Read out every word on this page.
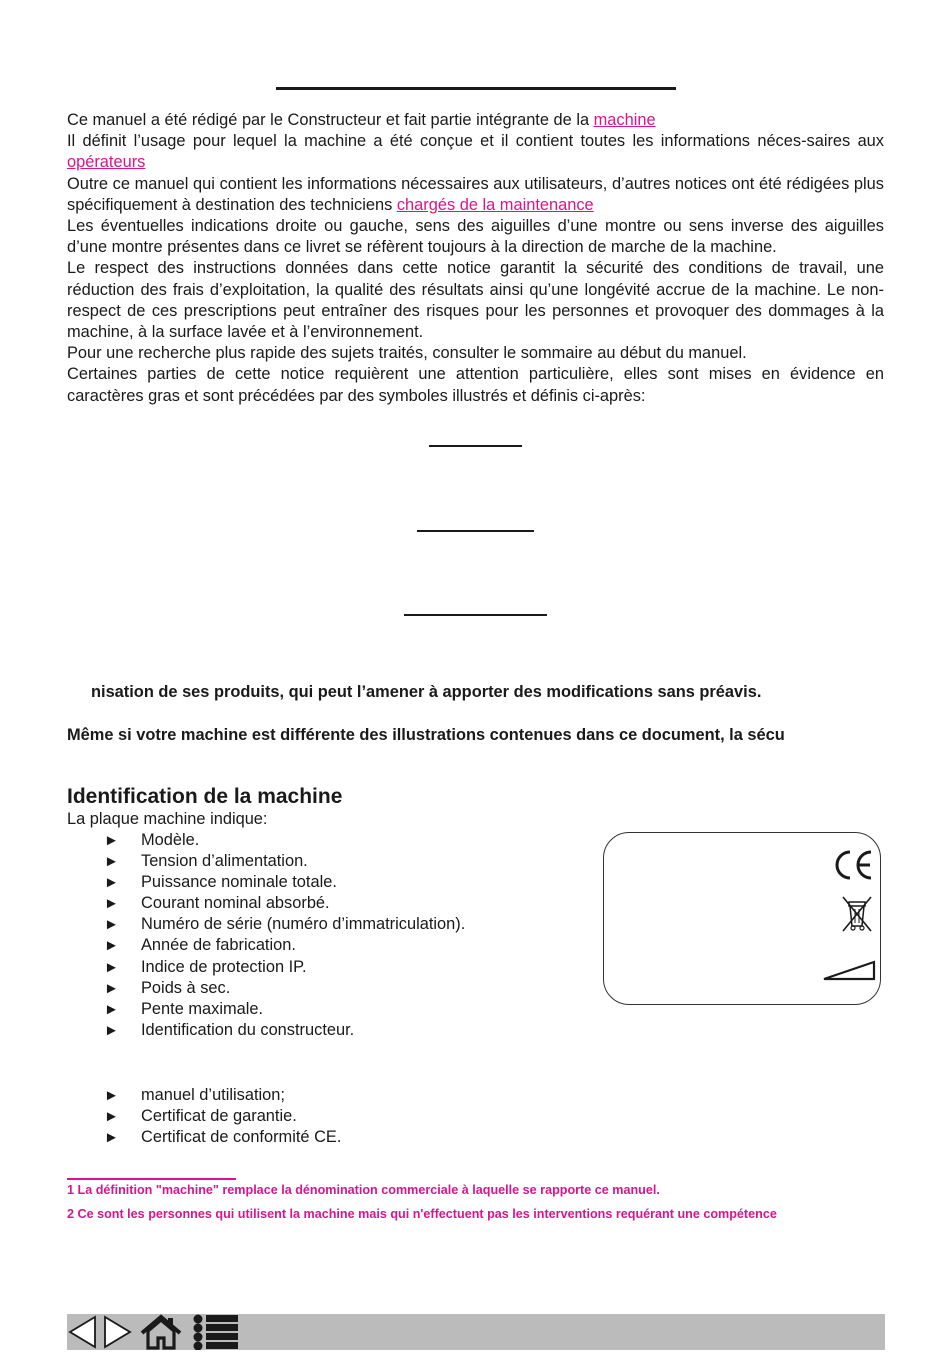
Ce manuel a été rédigé par le Constructeur et fait partie intégrante de la machine

Il définit l’usage pour lequel la machine a été conçue et il contient toutes les informations néces-saires aux opérateurs

Outre ce manuel qui contient les informations nécessaires aux utilisateurs, d’autres notices ont été rédigées plus spécifiquement à destination des techniciens chargés de la maintenance

Les éventuelles indications droite ou gauche, sens des aiguilles d’une montre ou sens inverse des aiguilles d’une montre présentes dans ce livret se réfèrent toujours à la direction de marche de la machine.

Le respect des instructions données dans cette notice garantit la sécurité des conditions de travail, une réduction des frais d’exploitation, la qualité des résultats ainsi qu’une longévité accrue de la machine. Le non-respect de ces prescriptions peut entraîner des risques pour les personnes et provoquer des dommages à la machine, à la surface lavée et à l’environnement.

Pour une recherche plus rapide des sujets traités, consulter le sommaire au début du manuel.

Certaines parties de cette notice requièrent une attention particulière, elles sont mises en évidence en caractères gras et sont précédées par des symboles illustrés et définis ci-après:

nisation de ses produits, qui peut l’amener à apporter des modifications sans préavis.
Même si votre machine est différente des illustrations contenues dans ce document, la sécu
Identification de la machine
La plaque machine indique:
► Modèle.
► Tension d’alimentation.
► Puissance nominale totale.
► Courant nominal absorbé.
► Numéro de série (numéro d’immatriculation).
► Année de fabrication.
► Indice de protection IP.
► Poids à sec.
► Pente maximale.
► Identification du constructeur.
► manuel d’utilisation;
► Certificat de garantie.
► Certificat de conformité CE.
1 La définition "machine" remplace la dénomination commerciale à laquelle se rapporte ce manuel.
2 Ce sont les personnes qui utilisent la machine mais qui n'effectuent pas les interventions requérant une compétence
